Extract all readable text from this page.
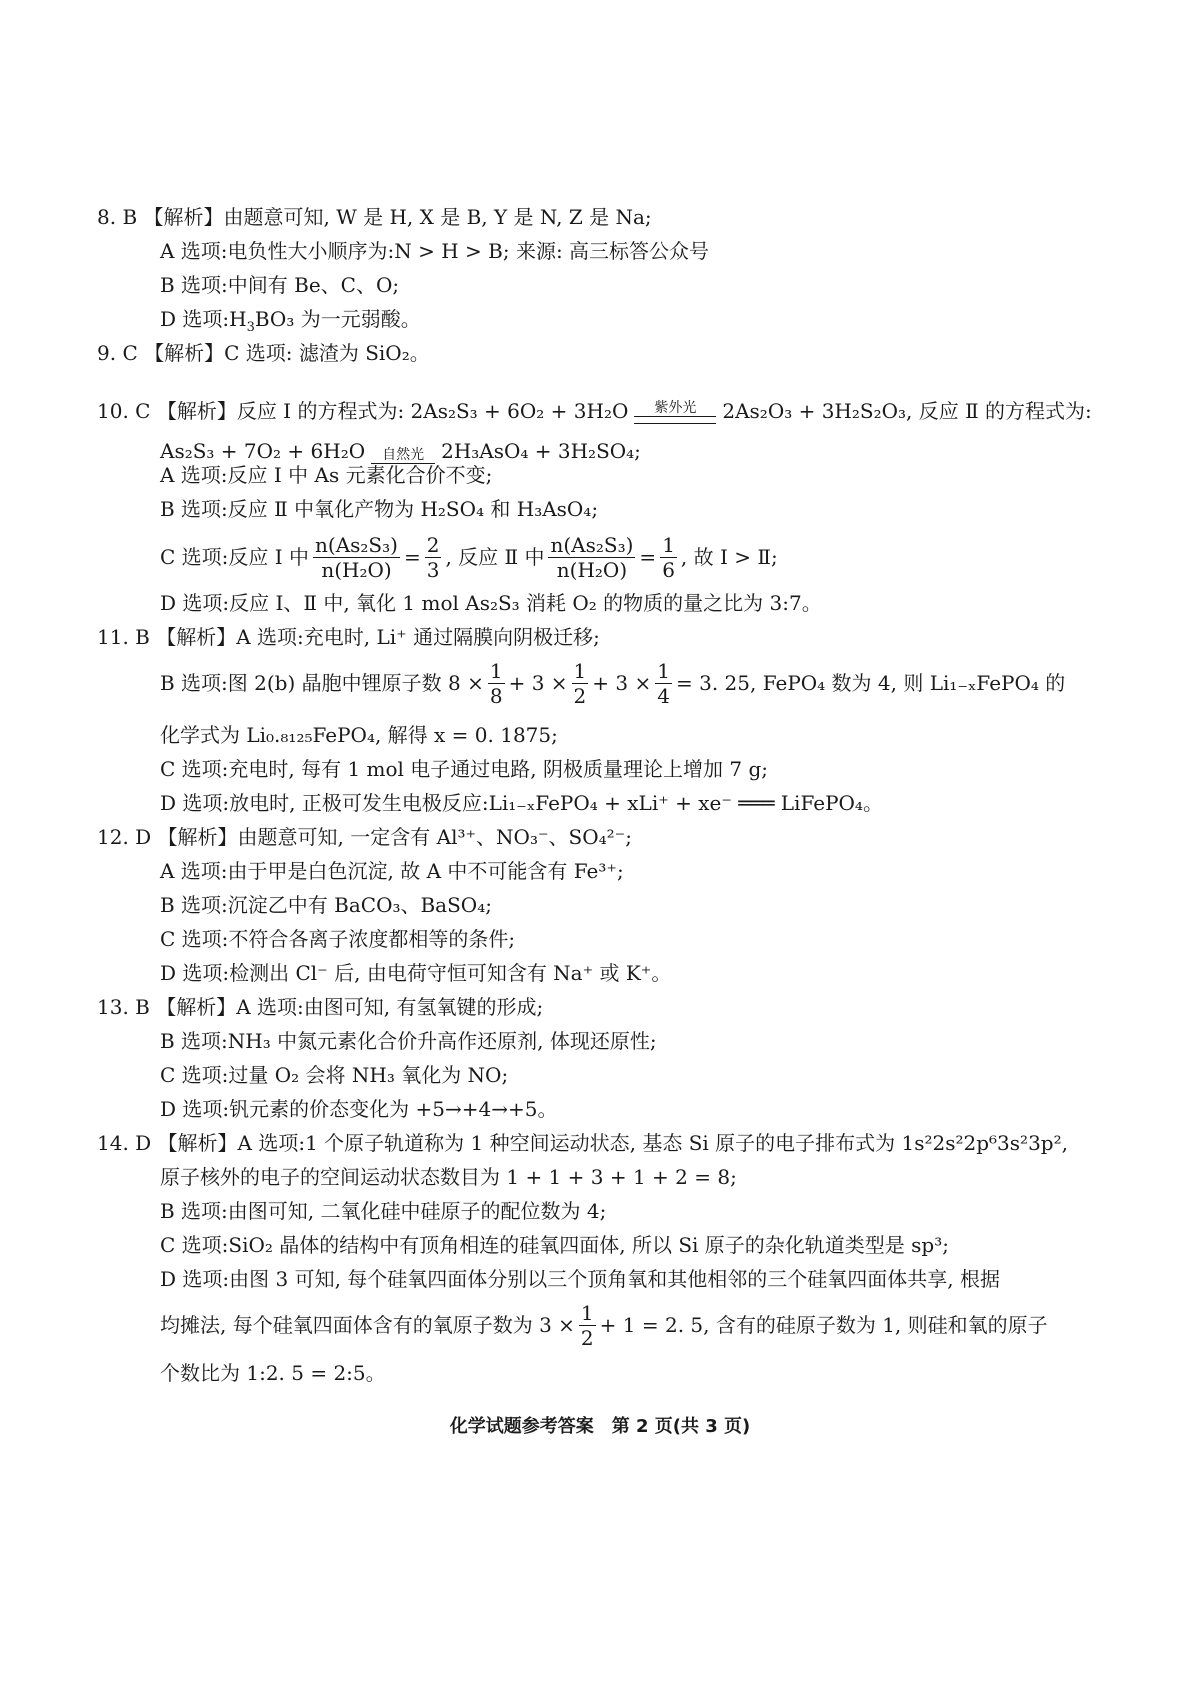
8. B 【解析】由题意可知, W 是 H, X 是 B, Y 是 N, Z 是 Na;
A 选项:电负性大小顺序为:N > H > B; 来源: 高三标答公众号
B 选项:中间有 Be、C、O;
D 选项$:H_3BO_3$ 为一元弱酸。
9. C 【解析】C 选项: 滤渣为 SiO₂。
10. C 【解析】反应 Ⅰ 的方程式为: 2As₂S₃ + 6O₂ + 3H₂O	紫外光	2As₂O₃ + 3H₂S₂O₃, 反应 Ⅱ 的方程式为:
As₂S₃ + 7O₂ + 6H₂O	自然光 2H₃AsO₄ + 3H₂SO₄;
A 选项:反应 Ⅰ 中 As 元素化合价不变;
B 选项:反应 Ⅱ 中氧化产物为 H₂SO₄ 和 H₃AsO₄;
C 选项:反应 Ⅰ 中 $\frac{\text{n(As₂S₃)}}{\text{n(H₂O)}} = \frac{2}{3}$ , 反应 Ⅱ 中 $\frac{\text{n(As₂S₃)}}{\text{n(H₂O)}} = \frac{1}{6}$ , 故 Ⅰ > Ⅱ;
D 选项:反应 Ⅰ、Ⅱ 中, 氧化 1 mol As₂S₃ 消耗 O₂ 的物质的量之比为 3:7。
11. B 【解析】A 选项:充电时, Li⁺ 通过隔膜向阴极迁移;
B 选项:图 2(b) 晶胞中锂原子数 $8 \times \frac{1}{8} + 3 \times \frac{1}{2} + 3 \times \frac{1}{4} = 3$. 25, FePO₄ 数为 4, 则 Li₁₋ₓFePO₄ 的
化学式为 Li₀.₈₁₂₅FePO₄, 解得 x = 0. 1875;
C 选项:充电时, 每有 1 mol 电子通过电路, 阴极质量理论上增加 7 g;
D 选项:放电时, 正极可发生电极反应:Li₁₋ₓFePO₄ + xLi⁺ + xe⁻ ═══ LiFePO₄。
12. D 【解析】由题意可知, 一定含有 Al³⁺、NO₃⁻、SO₄²⁻;
A 选项:由于甲是白色沉淀, 故 A 中不可能含有 Fe³⁺;
B 选项:沉淀乙中有 BaCO₃、BaSO₄;
C 选项:不符合各离子浓度都相等的条件;
D 选项:检测出 Cl⁻ 后, 由电荷守恒可知含有 Na⁺ 或 K⁺。
13. B 【解析】A 选项:由图可知, 有氢氧键的形成;
B 选项:NH₃ 中氮元素化合价升高作还原剂, 体现还原性;
C 选项:过量 O₂ 会将 NH₃ 氧化为 NO;
D 选项:钒元素的价态变化为 +5→+4→+5。
14. D 【解析】A 选项:1 个原子轨道称为 1 种空间运动状态, 基态 Si 原子的电子排布式为 1s²2s²2p⁶3s²3p²,
原子核外的电子的空间运动状态数目为 1 + 1 + 3 + 1 + 2 = 8;
B 选项:由图可知, 二氧化硅中硅原子的配位数为 4;
C 选项:SiO₂ 晶体的结构中有顶角相连的硅氧四面体, 所以 Si 原子的杂化轨道类型是 sp³;
D 选项:由图 3 可知, 每个硅氧四面体分别以三个顶角氧和其他相邻的三个硅氧四面体共享, 根据
均摊法, 每个硅氧四面体含有的氧原子数为 $3 \times \frac{1}{2} + 1 = 2$. 5, 含有的硅原子数为 1, 则硅和氧的原子
个数比为 1:2. 5 = 2:5。
化学试题参考答案　第 2 页(共 3 页)
